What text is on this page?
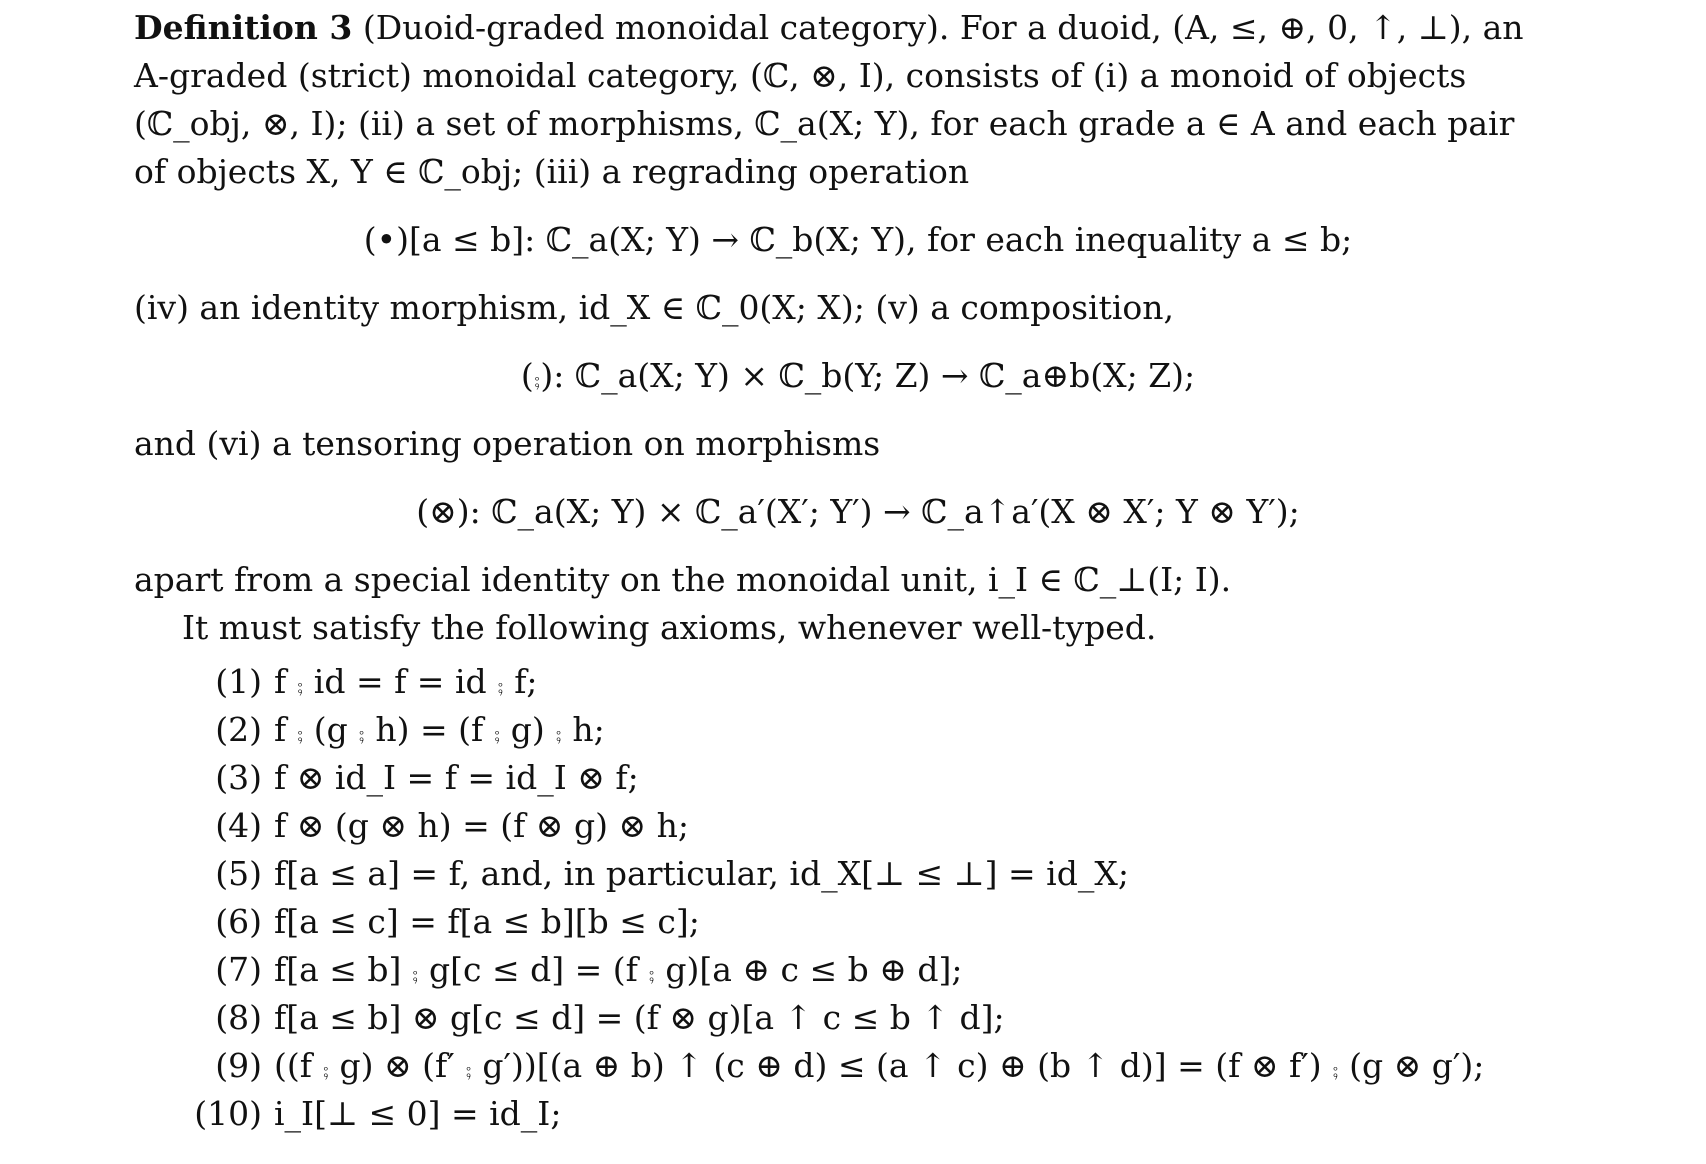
Definition 3 (Duoid-graded monoidal category). For a duoid, (A, ≤, ⊕, 0, ↑, ⊥), an
A-graded (strict) monoidal category, (ℂ, ⊗, I), consists of (i) a monoid of objects
(ℂ_obj, ⊗, I); (ii) a set of morphisms, ℂ_a(X; Y), for each grade a ∈ A and each pair
of objects X, Y ∈ ℂ_obj; (iii) a regrading operation

(•)[a ≤ b]: ℂ_a(X; Y) → ℂ_b(X; Y), for each inequality a ≤ b;
(iv) an identity morphism, id_X ∈ ℂ_0(X; X); (v) a composition,
(⨾): ℂ_a(X; Y) × ℂ_b(Y; Z) → ℂ_a⊕b(X; Z);
and (vi) a tensoring operation on morphisms
(⊗): ℂ_a(X; Y) × ℂ_a′(X′; Y′) → ℂ_a↑a′(X ⊗ X′; Y ⊗ Y′);
apart from a special identity on the monoidal unit, i_I ∈ ℂ_⊥(I; I).
It must satisfy the following axioms, whenever well-typed.
(1) f ⨾ id = f = id ⨾ f;
(2) f ⨾ (g ⨾ h) = (f ⨾ g) ⨾ h;
(3) f ⊗ id_I = f = id_I ⊗ f;
(4) f ⊗ (g ⊗ h) = (f ⊗ g) ⊗ h;
(5) f[a ≤ a] = f, and, in particular, id_X[⊥ ≤ ⊥] = id_X;
(6) f[a ≤ c] = f[a ≤ b][b ≤ c];
(7) f[a ≤ b] ⨾ g[c ≤ d] = (f ⨾ g)[a ⊕ c ≤ b ⊕ d];
(8) f[a ≤ b] ⊗ g[c ≤ d] = (f ⊗ g)[a ↑ c ≤ b ↑ d];
(9) ((f ⨾ g) ⊗ (f′ ⨾ g′))[(a ⊕ b) ↑ (c ⊕ d) ≤ (a ↑ c) ⊕ (b ↑ d)] = (f ⊗ f′) ⨾ (g ⊗ g′);
(10) i_I[⊥ ≤ 0] = id_I;
